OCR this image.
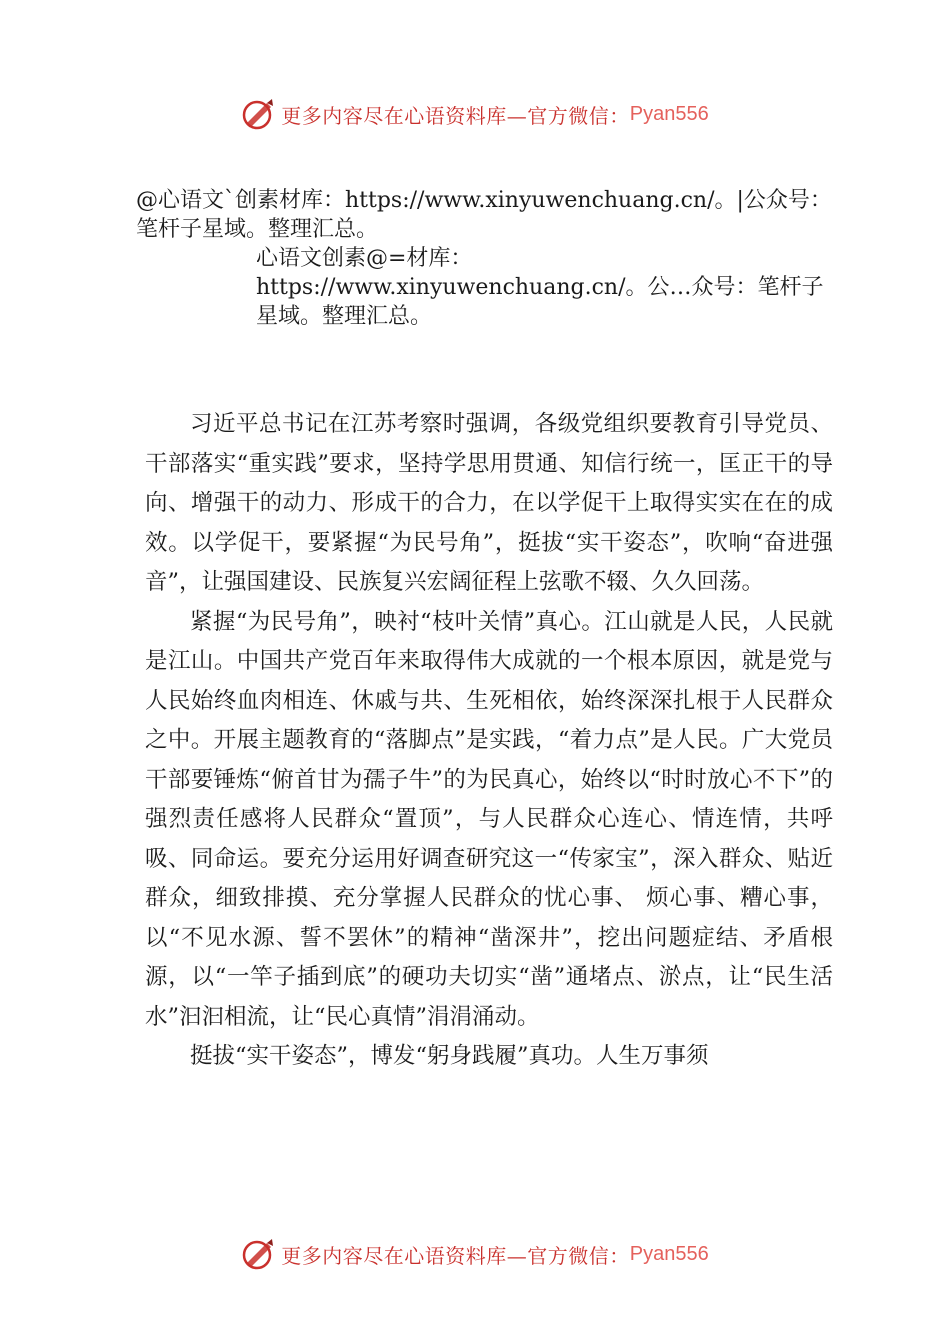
更多内容尽在心语资料库—官方微信： Pyan556
@心语文`创素材库：https://www.xinyuwenchuang.cn/。|公众号：笔杆子星域。整理汇总。
心语文创素@=材库：https://www.xinyuwenchuang.cn/。公…众号：笔杆子星域。整理汇总。

习近平总书记在江苏考察时强调，各级党组织要教育引导党员、干部落实“重实践”要求，坚持学思用贯通、知信行统一，匡正干的导向、增强干的动力、形成干的合力，在以学促干上取得实实在在的成效。以学促干，要紧握“为民号角”，挺拔“实干姿态”，吹响“奋进强音”，让强国建设、民族复兴宏阔征程上弦歌不辍、久久回荡。

紧握“为民号角”，映衬“枝叶关情”真心。江山就是人民，人民就是江山。中国共产党百年来取得伟大成就的一个根本原因，就是党与人民始终血肉相连、休戚与共、生死相依，始终深深扎根于人民群众之中。开展主题教育的“落脚点”是实践，“着力点”是人民。广大党员干部要锤炼“俯首甘为孺子牛”的为民真心，始终以“时时放心不下”的强烈责任感将人民群众“置顶”，与人民群众心连心、情连情，共呼吸、同命运。要充分运用好调查研究这一“传家宝”，深入群众、贴近群众，细致排摸、充分掌握人民群众的忧心事、 烦心事、糟心事，以“不见水源、誓不罢休”的精神“凿深井”，挖出问题症结、矛盾根源，以“一竿子插到底”的硬功夫切实“凿”通堵点、淤点，让“民生活水”汩汩相流，让“民心真情”涓涓涌动。

挺拔“实干姿态”，博发“躬身践履”真功。人生万事须

更多内容尽在心语资料库—官方微信： Pyan556
